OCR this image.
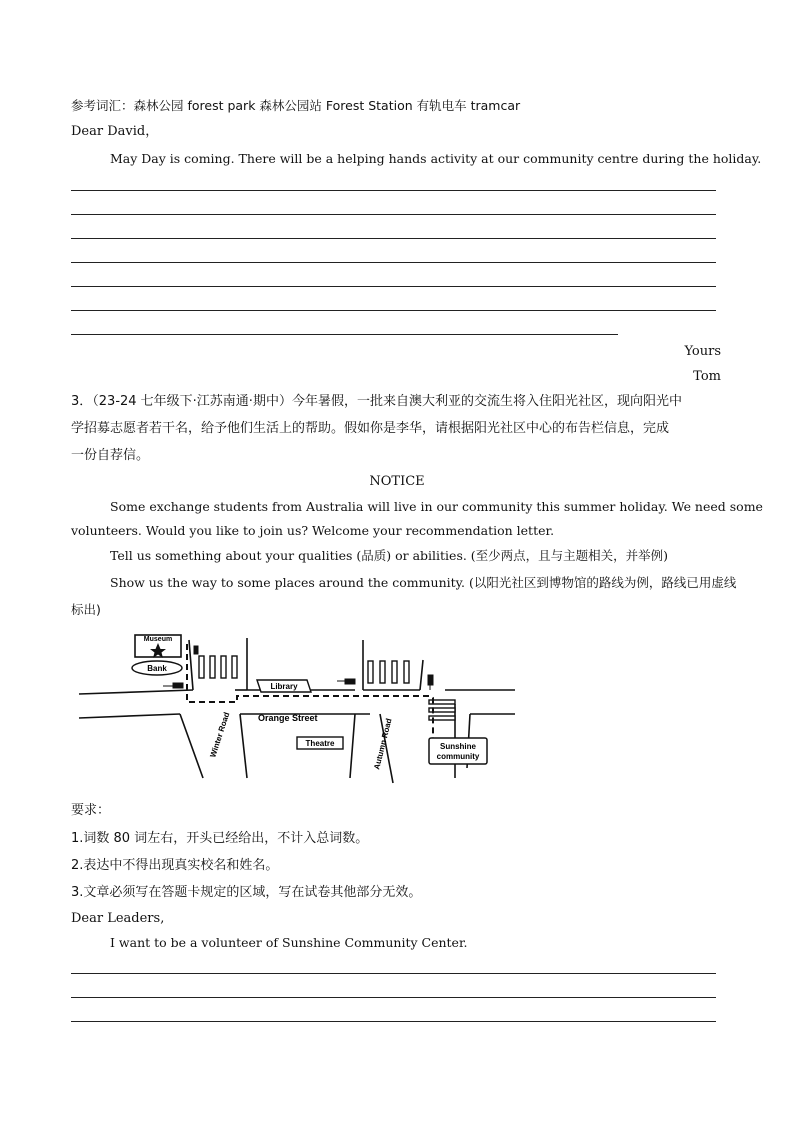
参考词汇：森林公园 forest park 森林公园站 Forest Station 有轨电车 tramcar
Dear David，
May Day is coming. There will be a helping hands activity at our community centre during the holiday.
Yours
Tom
3．（23-24 七年级下·江苏南通·期中）今年暑假，一批来自澳大利亚的交流生将入住阳光社区，现向阳光中
学招募志愿者若干名，给予他们生活上的帮助。假如你是李华，请根据阳光社区中心的布告栏信息，完成
一份自荐信。
NOTICE
Some exchange students from Australia will live in our community this summer holiday. We need some
volunteers. Would you like to join us? Welcome your recommendation letter.
Tell us something about your qualities (品质) or abilities. (至少两点，且与主题相关，并举例)
Show us the way to some places around the community. (以阳光社区到博物馆的路线为例，路线已用虚线
标出)
Museum
Bank
Library
Theatre	Sunshine
community
Orange Street
Winter Road	Autumn Road
要求：
1.词数 80 词左右，开头已经给出，不计入总词数。
2.表达中不得出现真实校名和姓名。
3.文章必须写在答题卡规定的区域，写在试卷其他部分无效。
Dear Leaders,
I want to be a volunteer of Sunshine Community Center.
